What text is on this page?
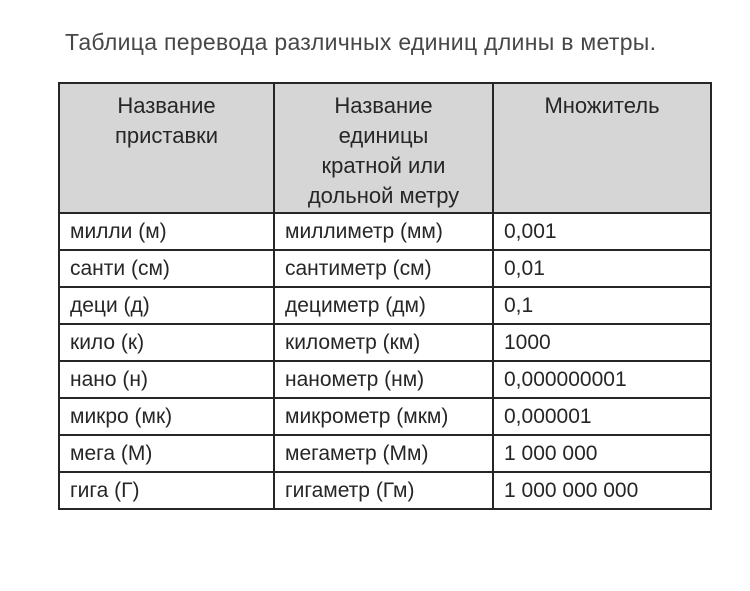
Таблица перевода различных единиц длины в метры.
Название приставки	Название единицы кратной или дольной метру	Множитель
милли (м)	миллиметр (мм)	0,001
санти (см)	сантиметр (см)	0,01
деци (д)	дециметр (дм)	0,1
кило (к)	километр (км)	1000
нано (н)	нанометр (нм)	0,000000001
микро (мк)	микрометр (мкм)	0,000001
мега (М)	мегаметр (Мм)	1 000 000
гига (Г)	гигаметр (Гм)	1 000 000 000
